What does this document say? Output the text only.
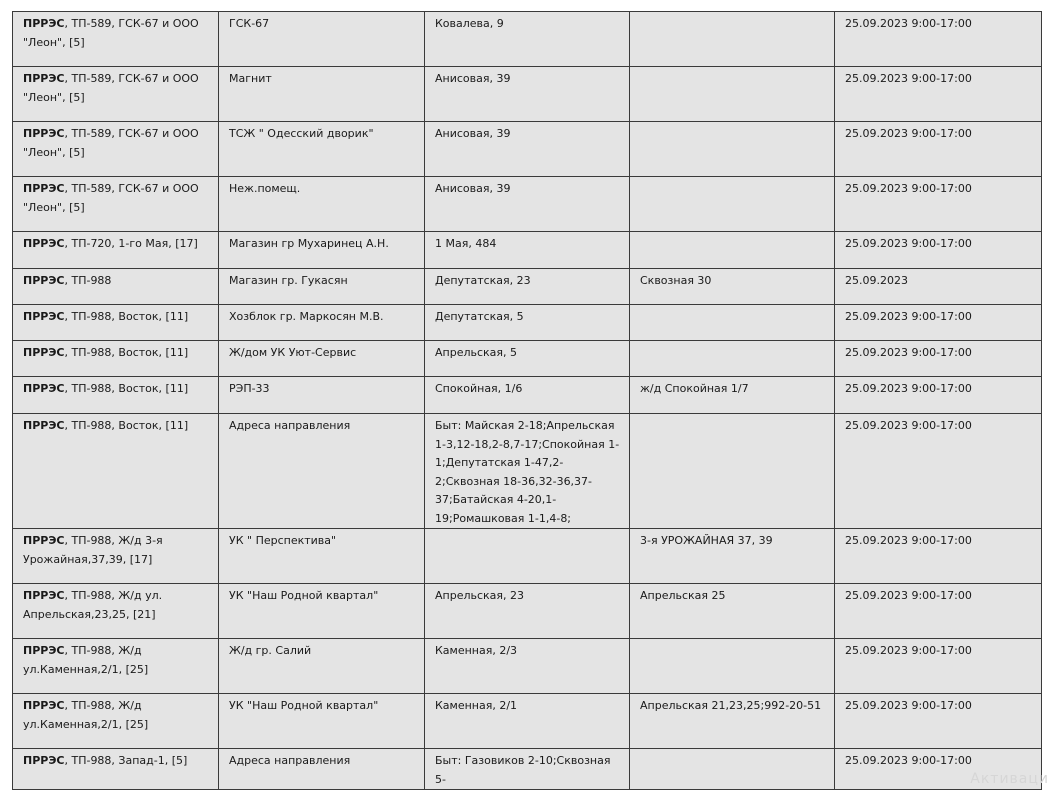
ПРРЭС, ТП-589, ГСК-67 и ООО "Леон", [5]	ГСК-67	Ковалева, 9		25.09.2023 9:00-17:00
ПРРЭС, ТП-589, ГСК-67 и ООО "Леон", [5]	Магнит	Анисовая, 39		25.09.2023 9:00-17:00
ПРРЭС, ТП-589, ГСК-67 и ООО "Леон", [5]	ТСЖ " Одесский дворик"	Анисовая, 39		25.09.2023 9:00-17:00
ПРРЭС, ТП-589, ГСК-67 и ООО "Леон", [5]	Неж.помещ.	Анисовая, 39		25.09.2023 9:00-17:00
ПРРЭС, ТП-720, 1-го Мая, [17]	Магазин гр Мухаринец А.Н.	1 Мая, 484		25.09.2023 9:00-17:00
ПРРЭС, ТП-988	Магазин гр. Гукасян	Депутатская, 23	Сквозная 30	25.09.2023
ПРРЭС, ТП-988, Восток, [11]	Хозблок гр. Маркосян М.В.	Депутатская, 5		25.09.2023 9:00-17:00
ПРРЭС, ТП-988, Восток, [11]	Ж/дом УК Уют-Сервис	Апрельская, 5		25.09.2023 9:00-17:00
ПРРЭС, ТП-988, Восток, [11]	РЭП-33	Спокойная, 1/6	ж/д Спокойная 1/7	25.09.2023 9:00-17:00
ПРРЭС, ТП-988, Восток, [11]	Адреса направления	Быт: Майская 2-18;Апрельская 1-3,12-18,2-8,7-17;Спокойная 1-1;Депутатская 1-47,2-2;Сквозная 18-36,32-36,37-37;Батайская 4-20,1-19;Ромашковая 1-1,4-8;		25.09.2023 9:00-17:00
ПРРЭС, ТП-988, Ж/д 3-я Урожайная,37,39, [17]	УК " Перспектива"		3-я УРОЖАЙНАЯ 37, 39	25.09.2023 9:00-17:00
ПРРЭС, ТП-988, Ж/д ул. Апрельская,23,25, [21]	УК "Наш Родной квартал"	Апрельская, 23	Апрельская 25	25.09.2023 9:00-17:00
ПРРЭС, ТП-988, Ж/д ул.Каменная,2/1, [25]	Ж/д гр. Салий	Каменная, 2/3		25.09.2023 9:00-17:00
ПРРЭС, ТП-988, Ж/д ул.Каменная,2/1, [25]	УК "Наш Родной квартал"	Каменная, 2/1	Апрельская 21,23,25;992-20-51	25.09.2023 9:00-17:00
ПРРЭС, ТП-988, Запад-1, [5]	Адреса направления	Быт: Газовиков 2-10;Сквозная 5-		25.09.2023 9:00-17:00
Активаци
